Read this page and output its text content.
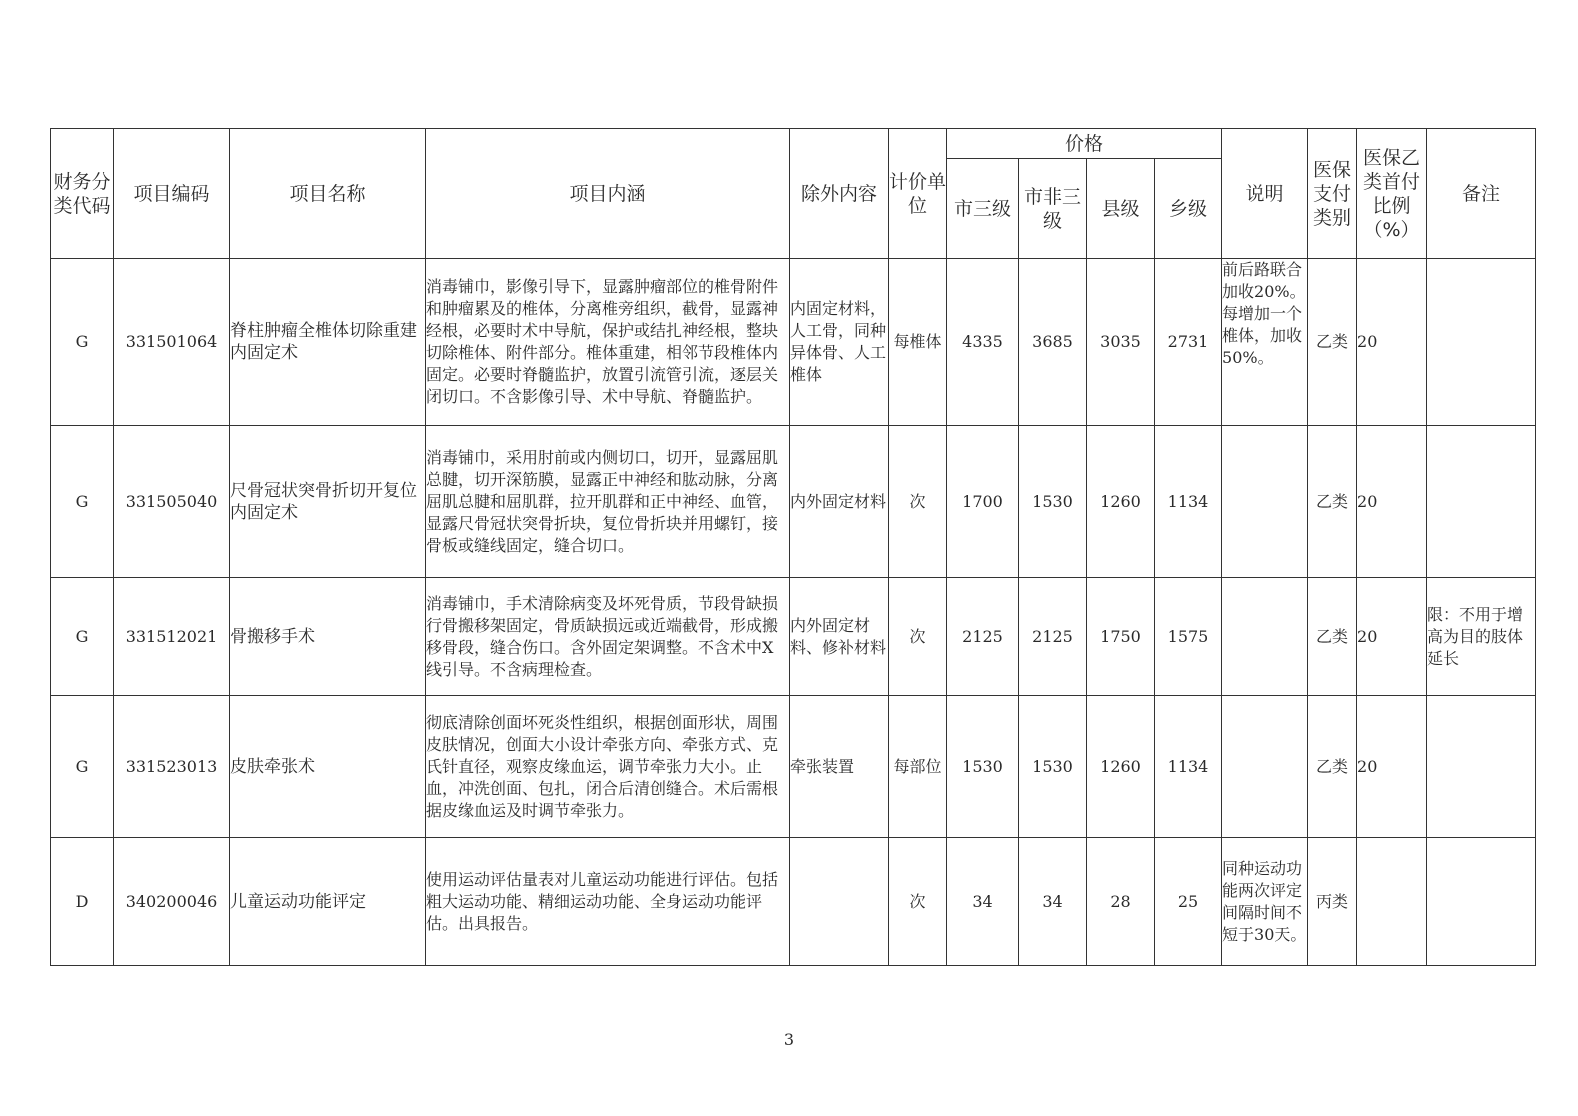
财务分类代码	项目编码	项目名称	项目内涵	除外内容	计价单位	价格				说明	医保支付类别	医保乙类首付比例（%）	备注
						市三级	市非三级	县级	乡级				
G	331501064	脊柱肿瘤全椎体切除重建内固定术	消毒铺巾，影像引导下，显露肿瘤部位的椎骨附件和肿瘤累及的椎体，分离椎旁组织，截骨，显露神经根，必要时术中导航，保护或结扎神经根，整块切除椎体、附件部分。椎体重建，相邻节段椎体内固定。必要时脊髓监护，放置引流管引流，逐层关闭切口。不含影像引导、术中导航、脊髓监护。	内固定材料，人工骨，同种异体骨、人工椎体	每椎体	4335	3685	3035	2731	前后路联合加收20%。每增加一个椎体，加收50%。	乙类	20	
G	331505040	尺骨冠状突骨折切开复位内固定术	消毒铺巾，采用肘前或内侧切口，切开，显露屈肌总腱，切开深筋膜，显露正中神经和肱动脉，分离屈肌总腱和屈肌群，拉开肌群和正中神经、血管，显露尺骨冠状突骨折块，复位骨折块并用螺钉，接骨板或缝线固定，缝合切口。	内外固定材料	次	1700	1530	1260	1134		乙类	20	
G	331512021	骨搬移手术	消毒铺巾，手术清除病变及坏死骨质，节段骨缺损行骨搬移架固定，骨质缺损远或近端截骨，形成搬移骨段，缝合伤口。含外固定架调整。不含术中X线引导。不含病理检查。	内外固定材料、修补材料	次	2125	2125	1750	1575		乙类	20	限：不用于增高为目的肢体延长
G	331523013	皮肤牵张术	彻底清除创面坏死炎性组织，根据创面形状，周围皮肤情况，创面大小设计牵张方向、牵张方式、克氏针直径，观察皮缘血运，调节牵张力大小。止血，冲洗创面、包扎，闭合后清创缝合。术后需根据皮缘血运及时调节牵张力。	牵张装置	每部位	1530	1530	1260	1134		乙类	20	
D	340200046	儿童运动功能评定	使用运动评估量表对儿童运动功能进行评估。包括粗大运动功能、精细运动功能、全身运动功能评估。出具报告。		次	34	34	28	25	同种运动功能两次评定间隔时间不短于30天。	丙类		
3
